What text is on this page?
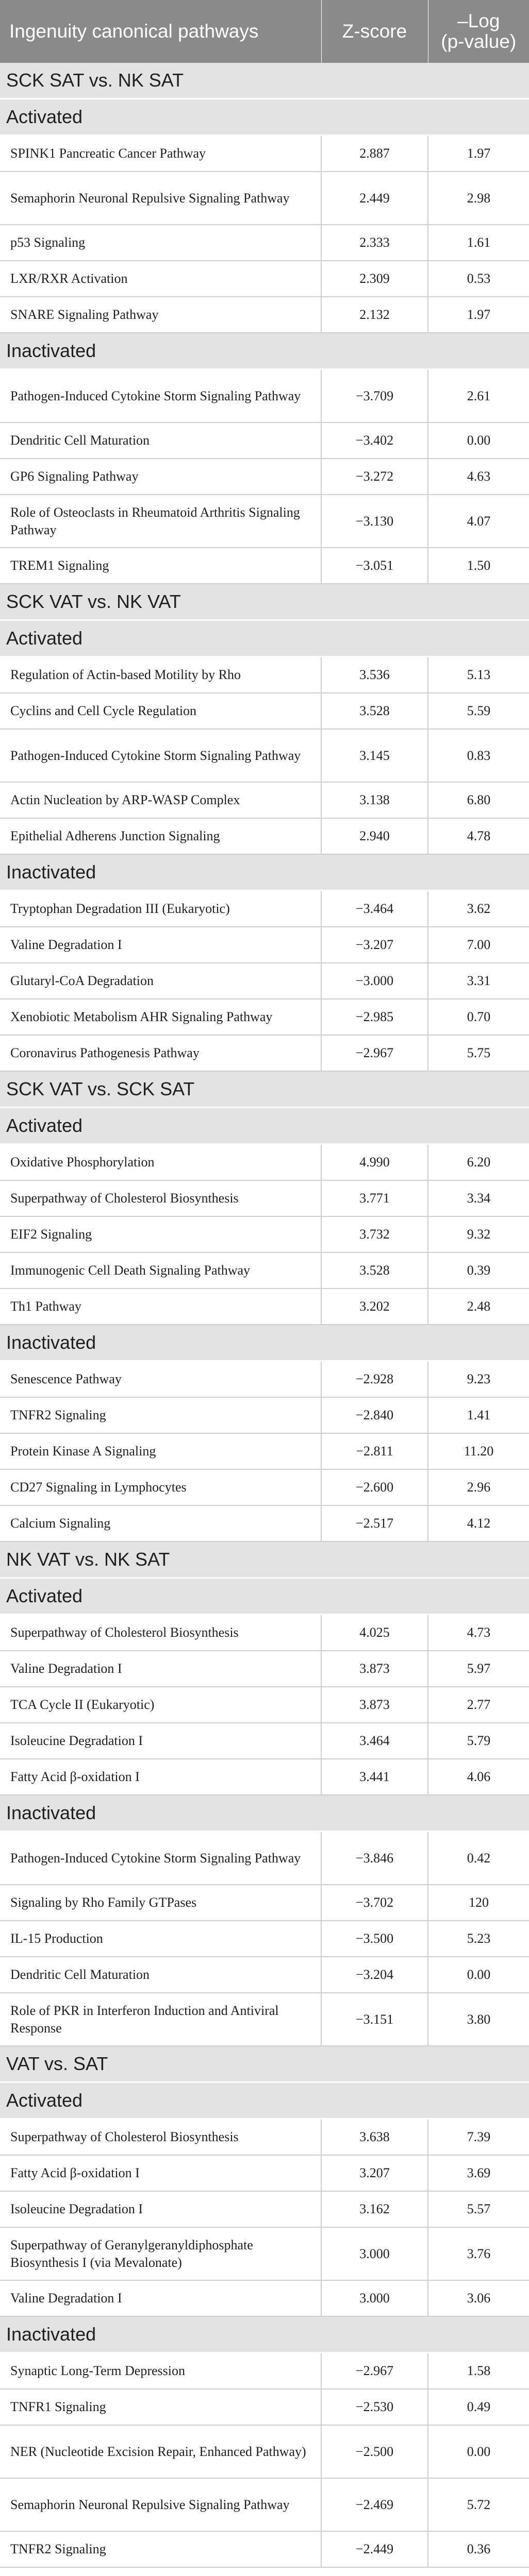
Ingenuity canonical pathways	Z-score	–Log
(p-value)
SCK SAT vs. NK SAT		
Activated		
SPINK1 Pancreatic Cancer Pathway	2.887	1.97
Semaphorin Neuronal Repulsive Signaling Pathway	2.449	2.98
p53 Signaling	2.333	1.61
LXR/RXR Activation	2.309	0.53
SNARE Signaling Pathway	2.132	1.97
Inactivated		
Pathogen-Induced Cytokine Storm Signaling Pathway	−3.709	2.61
Dendritic Cell Maturation	−3.402	0.00
GP6 Signaling Pathway	−3.272	4.63
Role of Osteoclasts in Rheumatoid Arthritis Signaling Pathway	−3.130	4.07
TREM1 Signaling	−3.051	1.50
SCK VAT vs. NK VAT		
Activated		
Regulation of Actin-based Motility by Rho	3.536	5.13
Cyclins and Cell Cycle Regulation	3.528	5.59
Pathogen-Induced Cytokine Storm Signaling Pathway	3.145	0.83
Actin Nucleation by ARP-WASP Complex	3.138	6.80
Epithelial Adherens Junction Signaling	2.940	4.78
Inactivated		
Tryptophan Degradation III (Eukaryotic)	−3.464	3.62
Valine Degradation I	−3.207	7.00
Glutaryl-CoA Degradation	−3.000	3.31
Xenobiotic Metabolism AHR Signaling Pathway	−2.985	0.70
Coronavirus Pathogenesis Pathway	−2.967	5.75
SCK VAT vs. SCK SAT		
Activated		
Oxidative Phosphorylation	4.990	6.20
Superpathway of Cholesterol Biosynthesis	3.771	3.34
EIF2 Signaling	3.732	9.32
Immunogenic Cell Death Signaling Pathway	3.528	0.39
Th1 Pathway	3.202	2.48
Inactivated		
Senescence Pathway	−2.928	9.23
TNFR2 Signaling	−2.840	1.41
Protein Kinase A Signaling	−2.811	11.20
CD27 Signaling in Lymphocytes	−2.600	2.96
Calcium Signaling	−2.517	4.12
NK VAT vs. NK SAT		
Activated		
Superpathway of Cholesterol Biosynthesis	4.025	4.73
Valine Degradation I	3.873	5.97
TCA Cycle II (Eukaryotic)	3.873	2.77
Isoleucine Degradation I	3.464	5.79
Fatty Acid β-oxidation I	3.441	4.06
Inactivated		
Pathogen-Induced Cytokine Storm Signaling Pathway	−3.846	0.42
Signaling by Rho Family GTPases	−3.702	120
IL-15 Production	−3.500	5.23
Dendritic Cell Maturation	−3.204	0.00
Role of PKR in Interferon Induction and Antiviral Response	−3.151	3.80
VAT vs. SAT		
Activated		
Superpathway of Cholesterol Biosynthesis	3.638	7.39
Fatty Acid β-oxidation I	3.207	3.69
Isoleucine Degradation I	3.162	5.57
Superpathway of Geranylgeranyldiphosphate Biosynthesis I (via Mevalonate)	3.000	3.76
Valine Degradation I	3.000	3.06
Inactivated		
Synaptic Long-Term Depression	−2.967	1.58
TNFR1 Signaling	−2.530	0.49
NER (Nucleotide Excision Repair, Enhanced Pathway)	−2.500	0.00
Semaphorin Neuronal Repulsive Signaling Pathway	−2.469	5.72
TNFR2 Signaling	−2.449	0.36
